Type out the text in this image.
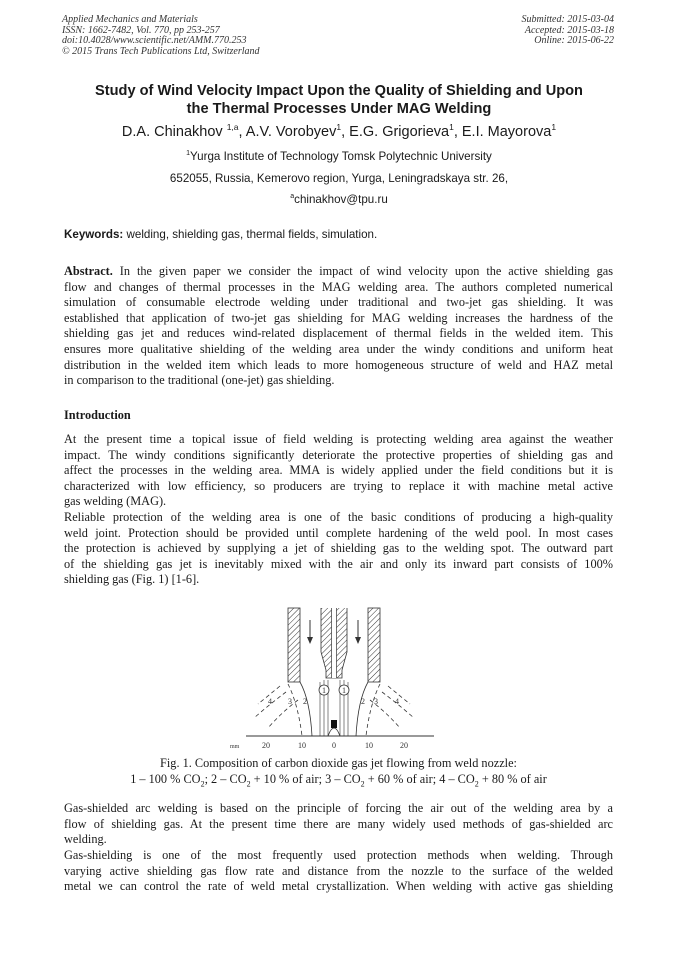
Applied Mechanics and Materials
ISSN: 1662-7482, Vol. 770, pp 253-257
doi:10.4028/www.scientific.net/AMM.770.253
© 2015 Trans Tech Publications Ltd, Switzerland
Submitted: 2015-03-04
Accepted: 2015-03-18
Online: 2015-06-22
Study of Wind Velocity Impact Upon the Quality of Shielding and Upon
the Thermal Processes Under MAG Welding
D.A. Chinakhov $^{1,a}$, A.V. Vorobyev$^1$, E.G. Grigorieva$^1$, E.I. Mayorova$^1$
$^1$Yurga Institute of Technology Tomsk Polytechnic University
652055, Russia, Kemerovo region, Yurga, Leningradskaya str. 26,
$^a$chinakhov@tpu.ru
Keywords: welding, shielding gas, thermal fields, simulation.
Abstract. In the given paper we consider the impact of wind velocity upon the active shielding gas
flow and changes of thermal processes in the MAG welding area. The authors completed numerical
simulation of consumable electrode welding under traditional and two-jet gas shielding. It was
established that application of two-jet gas shielding for MAG welding increases the hardness of the
shielding gas jet and reduces wind-related displacement of thermal fields in the welded item. This
ensures more qualitative shielding of the welding area under the windy conditions and uniform heat
distribution in the welded item which leads to more homogeneous structure of weld and HAZ metal
in comparison to the traditional (one-jet) gas shielding.
Introduction
At the present time a topical issue of field welding is protecting welding area against the weather
impact. The windy conditions significantly deteriorate the protective properties of shielding gas and
affect the processes in the welding area. MMA is widely applied under the field conditions but it is
characterized with low efficiency, so producers are trying to replace it with machine metal active
gas welding (MAG).
Reliable protection of the welding area is one of the basic conditions of producing a high-quality
weld joint. Protection should be provided until complete hardening of the weld pool. In most cases
the protection is achieved by supplying a jet of shielding gas to the welding spot. The outward part
of the shielding gas jet is inevitably mixed with the air and only its inward part consists of 100%
shielding gas (Fig. 1) [1-6].
4 3 2
1 1
2 3 4
mm	20	10	0	10	20
Fig. 1. Composition of carbon dioxide gas jet flowing from weld nozzle:
1 – 100 % $CO_2$; $2 - CO_2 + 10$ % of air; $3 - CO_2 + 60$ % of air; $4 - CO_2 + 80$ % of air
Gas-shielded arc welding is based on the principle of forcing the air out of the welding area by a
flow of shielding gas. At the present time there are many widely used methods of gas-shielded arc
welding.
Gas-shielding is one of the most frequently used protection methods when welding. Through
varying active shielding gas flow rate and distance from the nozzle to the surface of the welded
metal we can control the rate of weld metal crystallization. When welding with active gas shielding
